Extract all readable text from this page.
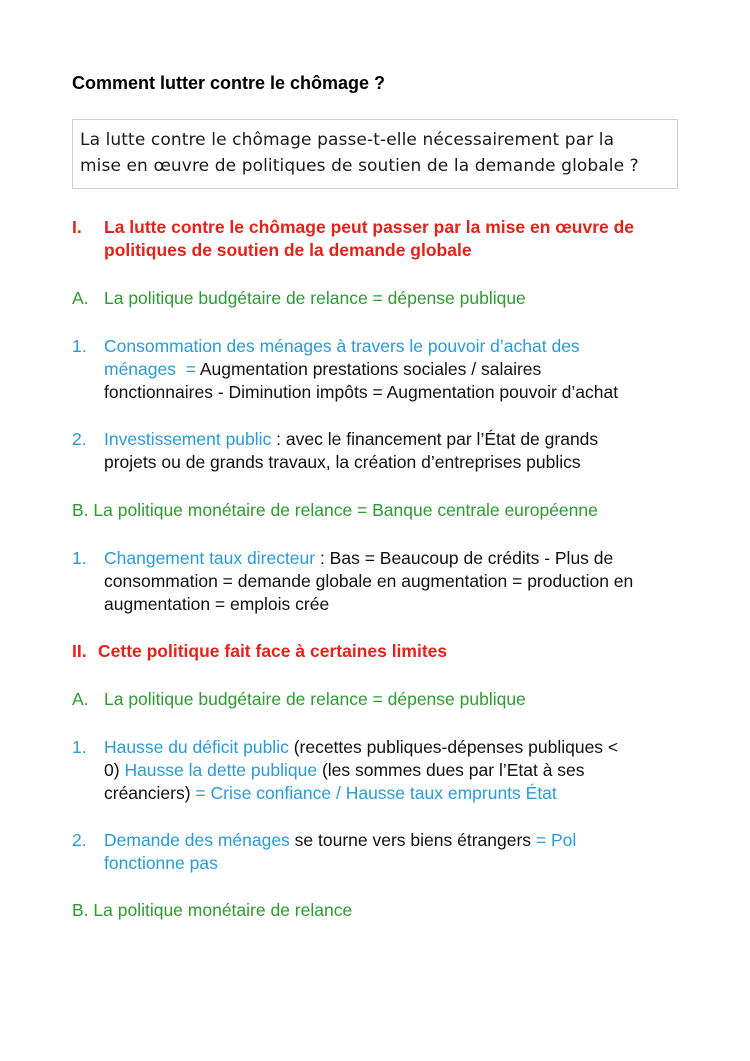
Comment lutter contre le chômage ?
La lutte contre le chômage passe-t-elle nécessairement par la
mise en œuvre de politiques de soutien de la demande globale ?
I. La lutte contre le chômage peut passer par la mise en œuvre de
politiques de soutien de la demande globale
A. La politique budgétaire de relance = dépense publique
1. Consommation des ménages à travers le pouvoir d’achat des
ménages  = Augmentation prestations sociales / salaires
fonctionnaires - Diminution impôts = Augmentation pouvoir d’achat
2. Investissement public : avec le financement par l’État de grands
projets ou de grands travaux, la création d’entreprises publics
B. La politique monétaire de relance = Banque centrale européenne
1. Changement taux directeur : Bas = Beaucoup de crédits - Plus de
consommation = demande globale en augmentation = production en
augmentation = emplois crée
II. Cette politique fait face à certaines limites
A. La politique budgétaire de relance = dépense publique
1. Hausse du déficit public (recettes publiques-dépenses publiques <
0) Hausse la dette publique (les sommes dues par l’Etat à ses
créanciers) = Crise confiance / Hausse taux emprunts État
2. Demande des ménages se tourne vers biens étrangers = Pol
fonctionne pas
B. La politique monétaire de relance
